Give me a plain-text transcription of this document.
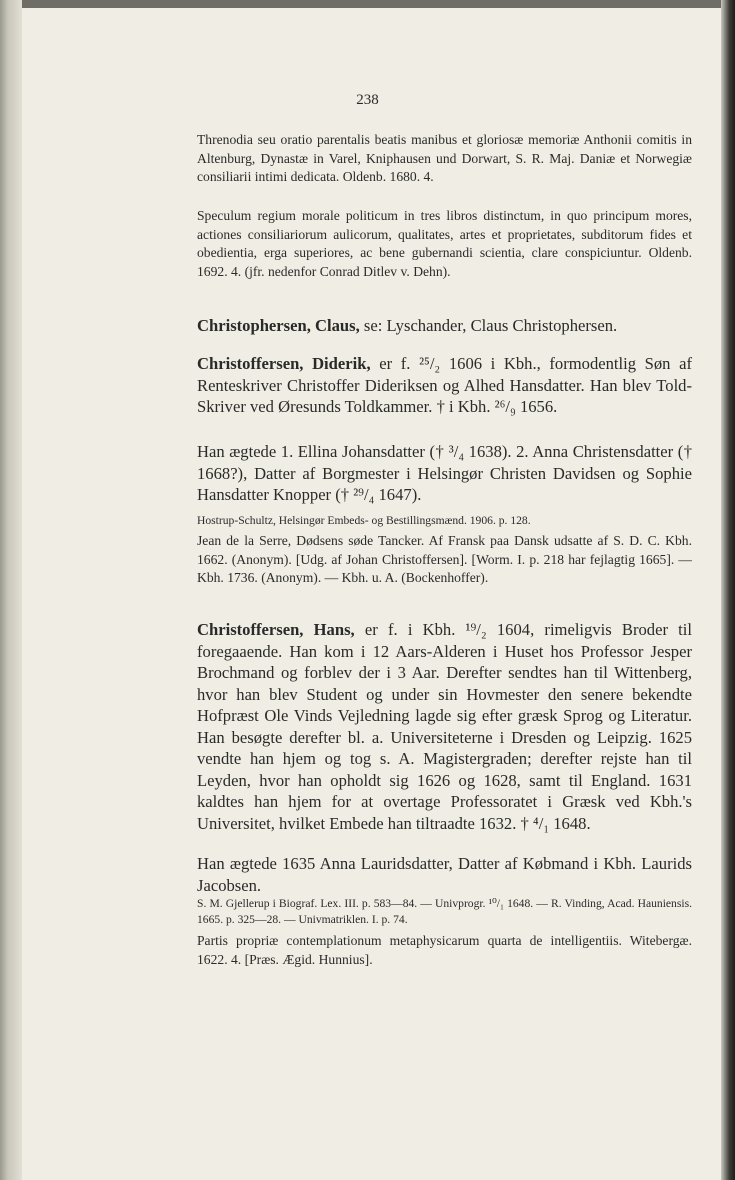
238
Threnodia seu oratio parentalis beatis manibus et gloriosæ memoriæ Anthonii comitis in Altenburg, Dynastæ in Varel, Kniphausen und Dorwart, S. R. Maj. Daniæ et Norwegiæ consiliarii intimi dedicata. Oldenb. 1680. 4.
Speculum regium morale politicum in tres libros distinctum, in quo principum mores, actiones consiliariorum aulicorum, qualitates, artes et proprietates, subditorum fides et obedientia, erga superiores, ac bene gubernandi scientia, clare conspiciuntur. Oldenb. 1692. 4. (jfr. nedenfor Conrad Ditlev v. Dehn).
Christophersen, Claus, se: Lyschander, Claus Christophersen.
Christoffersen, Diderik, er f. ²⁵/₂ 1606 i Kbh., formodentlig Søn af Renteskriver Christoffer Dideriksen og Alhed Hansdatter. Han blev Told-Skriver ved Øresunds Toldkammer. † i Kbh. ²⁶/₉ 1656.
Han ægtede 1. Ellina Johansdatter († ³/₄ 1638). 2. Anna Christensdatter († 1668?), Datter af Borgmester i Helsingør Christen Davidsen og Sophie Hansdatter Knopper († ²⁹/₄ 1647).
Hostrup-Schultz, Helsingør Embeds- og Bestillingsmænd. 1906. p. 128.
Jean de la Serre, Dødsens søde Tancker. Af Fransk paa Dansk udsatte af S. D. C. Kbh. 1662. (Anonym). [Udg. af Johan Christoffersen]. [Worm. I. p. 218 har fejlagtig 1665]. — Kbh. 1736. (Anonym). — Kbh. u. A. (Bockenhoffer).
Christoffersen, Hans, er f. i Kbh. ¹⁹/₂ 1604, rimeligvis Broder til foregaaende. Han kom i 12 Aars-Alderen i Huset hos Professor Jesper Brochmand og forblev der i 3 Aar. Derefter sendtes han til Wittenberg, hvor han blev Student og under sin Hovmester den senere bekendte Hofpræst Ole Vinds Vejledning lagde sig efter græsk Sprog og Literatur. Han besøgte derefter bl. a. Universiteterne i Dresden og Leipzig. 1625 vendte han hjem og tog s. A. Magistergraden; derefter rejste han til Leyden, hvor han opholdt sig 1626 og 1628, samt til England. 1631 kaldtes han hjem for at overtage Professoratet i Græsk ved Kbh.'s Universitet, hvilket Embede han tiltraadte 1632. † ⁴/₁ 1648.
Han ægtede 1635 Anna Lauridsdatter, Datter af Købmand i Kbh. Laurids Jacobsen.
S. M. Gjellerup i Biograf. Lex. III. p. 583—84. — Univprogr. ¹⁰/₁ 1648. — R. Vinding, Acad. Hauniensis. 1665. p. 325—28. — Univmatriklen. I. p. 74.
Partis propriæ contemplationum metaphysicarum quarta de intelligentiis. Witebergæ. 1622. 4. [Præs. Ægid. Hunnius].
